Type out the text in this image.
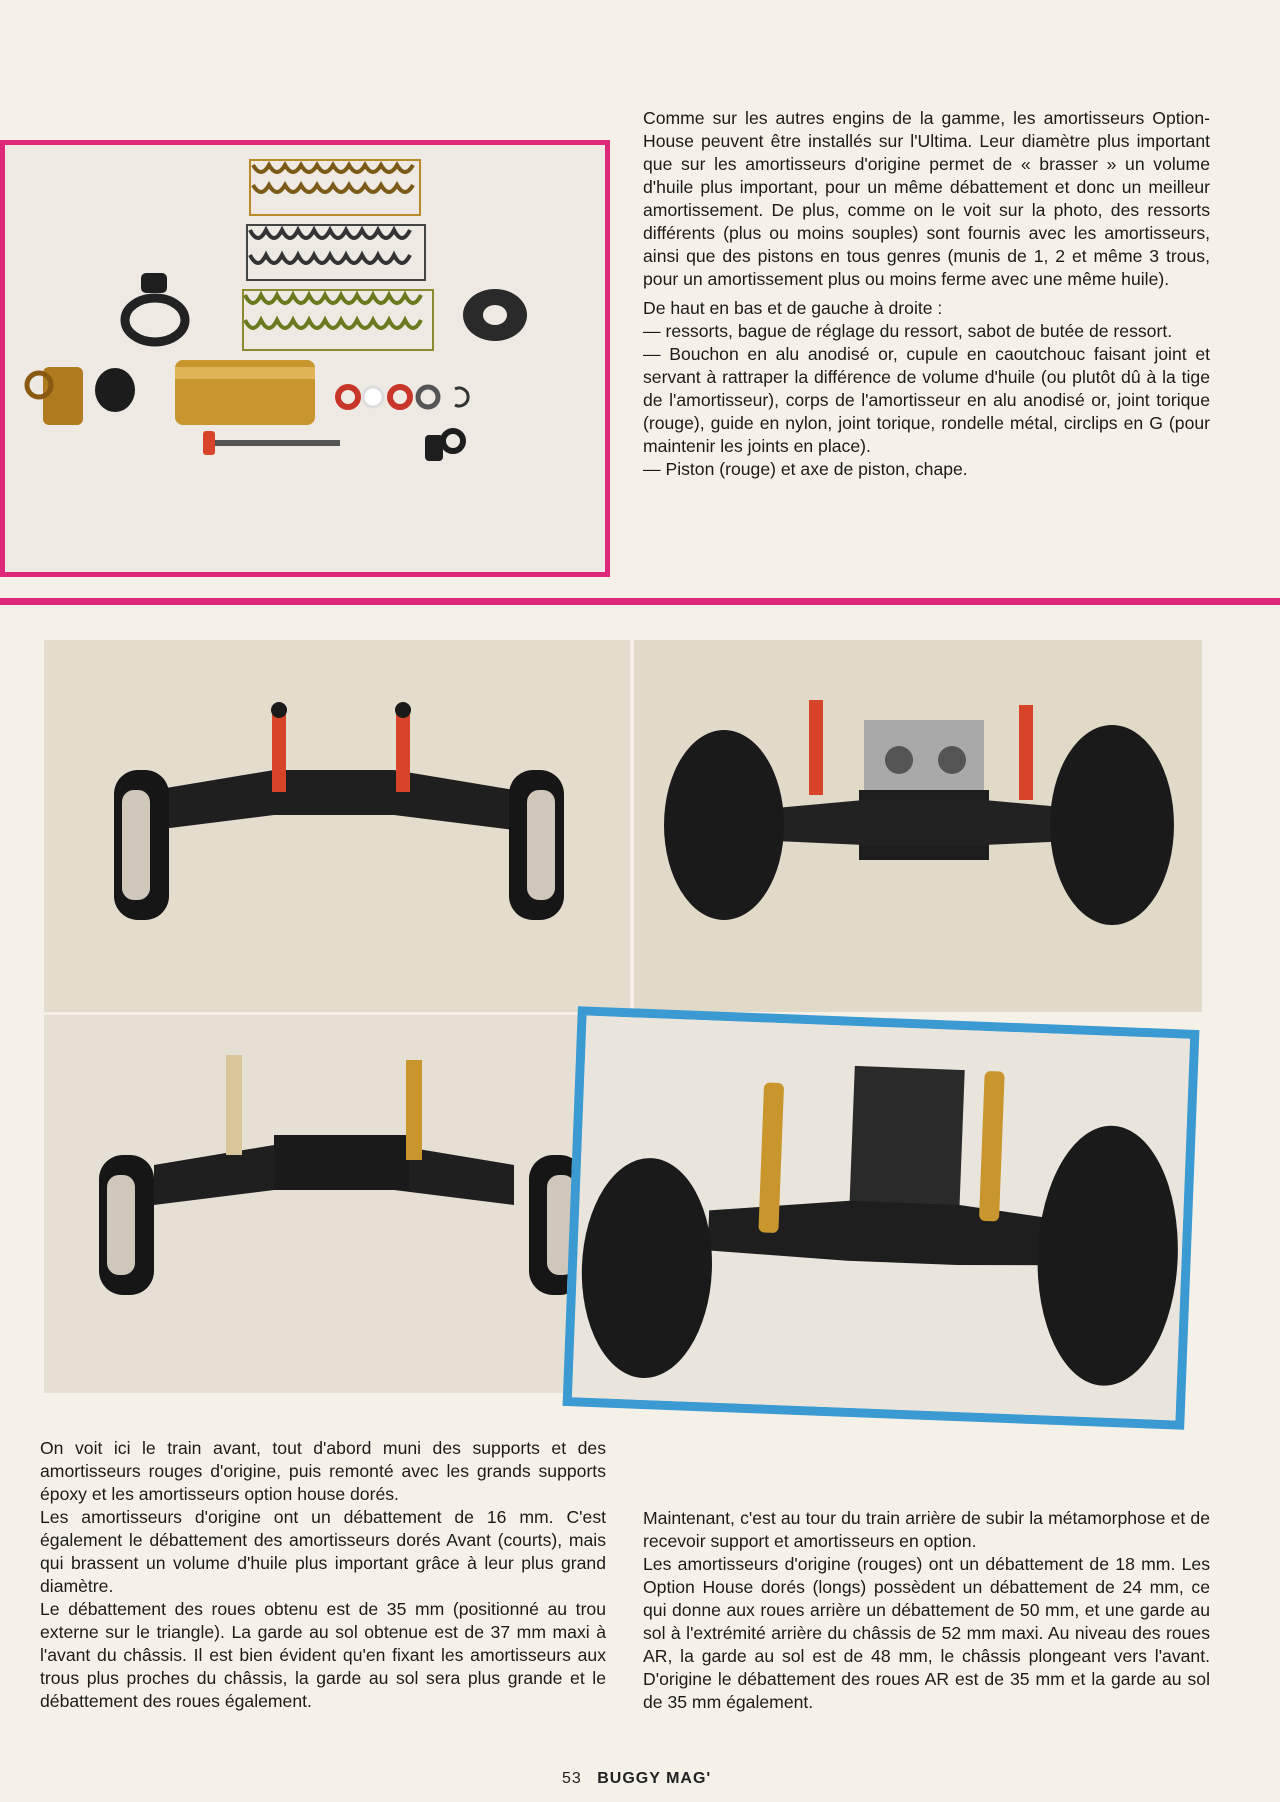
Comme sur les autres engins de la gamme, les amortisseurs Option-House peuvent être installés sur l'Ultima. Leur diamètre plus important que sur les amortisseurs d'origine permet de « brasser » un volume d'huile plus important, pour un même débattement et donc un meilleur amortissement. De plus, comme on le voit sur la photo, des ressorts différents (plus ou moins souples) sont fournis avec les amortisseurs, ainsi que des pistons en tous genres (munis de 1, 2 et même 3 trous, pour un amortissement plus ou moins ferme avec une même huile).

De haut en bas et de gauche à droite :
— ressorts, bague de réglage du ressort, sabot de butée de ressort.
— Bouchon en alu anodisé or, cupule en caoutchouc faisant joint et servant à rattraper la différence de volume d'huile (ou plutôt dû à la tige de l'amortisseur), corps de l'amortisseur en alu anodisé or, joint torique (rouge), guide en nylon, joint torique, rondelle métal, circlips en G (pour maintenir les joints en place).
— Piston (rouge) et axe de piston, chape.
On voit ici le train avant, tout d'abord muni des supports et des amortisseurs rouges d'origine, puis remonté avec les grands supports époxy et les amortisseurs option house dorés.
Les amortisseurs d'origine ont un débattement de 16 mm. C'est également le débattement des amortisseurs dorés Avant (courts), mais qui brassent un volume d'huile plus important grâce à leur plus grand diamètre.
Le débattement des roues obtenu est de 35 mm (positionné au trou externe sur le triangle). La garde au sol obtenue est de 37 mm maxi à l'avant du châssis. Il est bien évident qu'en fixant les amortisseurs aux trous plus proches du châssis, la garde au sol sera plus grande et le débattement des roues également.
Maintenant, c'est au tour du train arrière de subir la métamorphose et de recevoir support et amortisseurs en option.
Les amortisseurs d'origine (rouges) ont un débattement de 18 mm. Les Option House dorés (longs) possèdent un débattement de 24 mm, ce qui donne aux roues arrière un débattement de 50 mm, et une garde au sol à l'extrémité arrière du châssis de 52 mm maxi. Au niveau des roues AR, la garde au sol est de 48 mm, le châssis plongeant vers l'avant. D'origine le débattement des roues AR est de 35 mm et la garde au sol de 35 mm également.
53 BUGGY MAG'
